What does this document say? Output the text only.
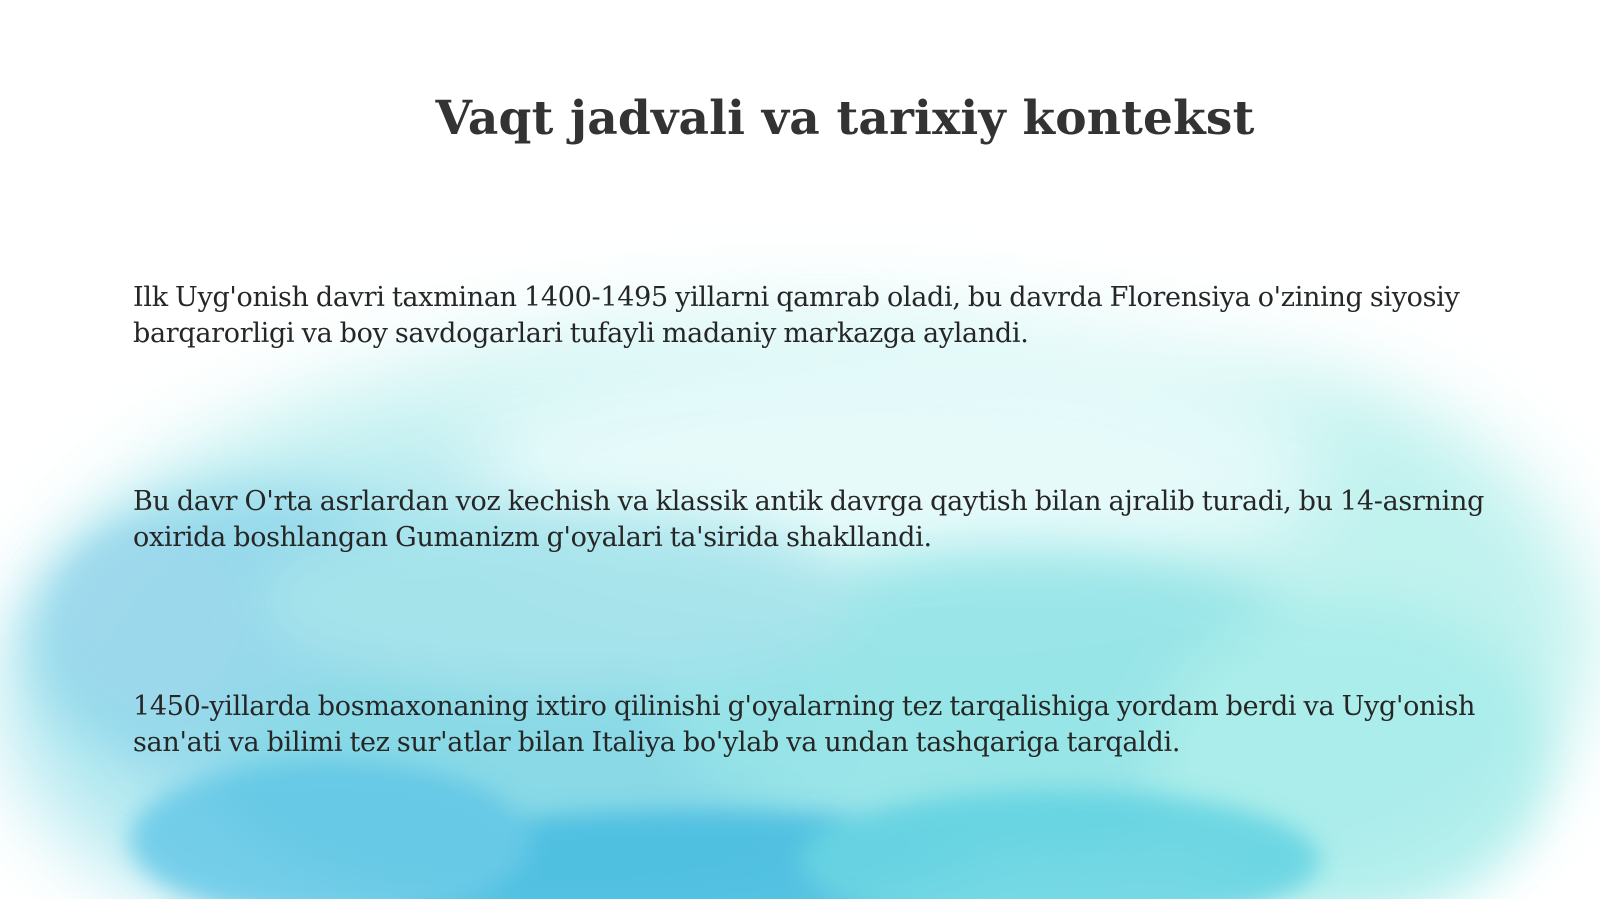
Vaqt jadvali va tarixiy kontekst

Ilk Uyg'onish davri taxminan 1400-1495 yillarni qamrab oladi, bu davrda Florensiya o'zining siyosiy barqarorligi va boy savdogarlari tufayli madaniy markazga aylandi.

Bu davr O'rta asrlardan voz kechish va klassik antik davrga qaytish bilan ajralib turadi, bu 14-asrning oxirida boshlangan Gumanizm g'oyalari ta'sirida shakllandi.

1450-yillarda bosmaxonaning ixtiro qilinishi g'oyalarning tez tarqalishiga yordam berdi va Uyg'onish san'ati va bilimi tez sur'atlar bilan Italiya bo'ylab va undan tashqariga tarqaldi.
